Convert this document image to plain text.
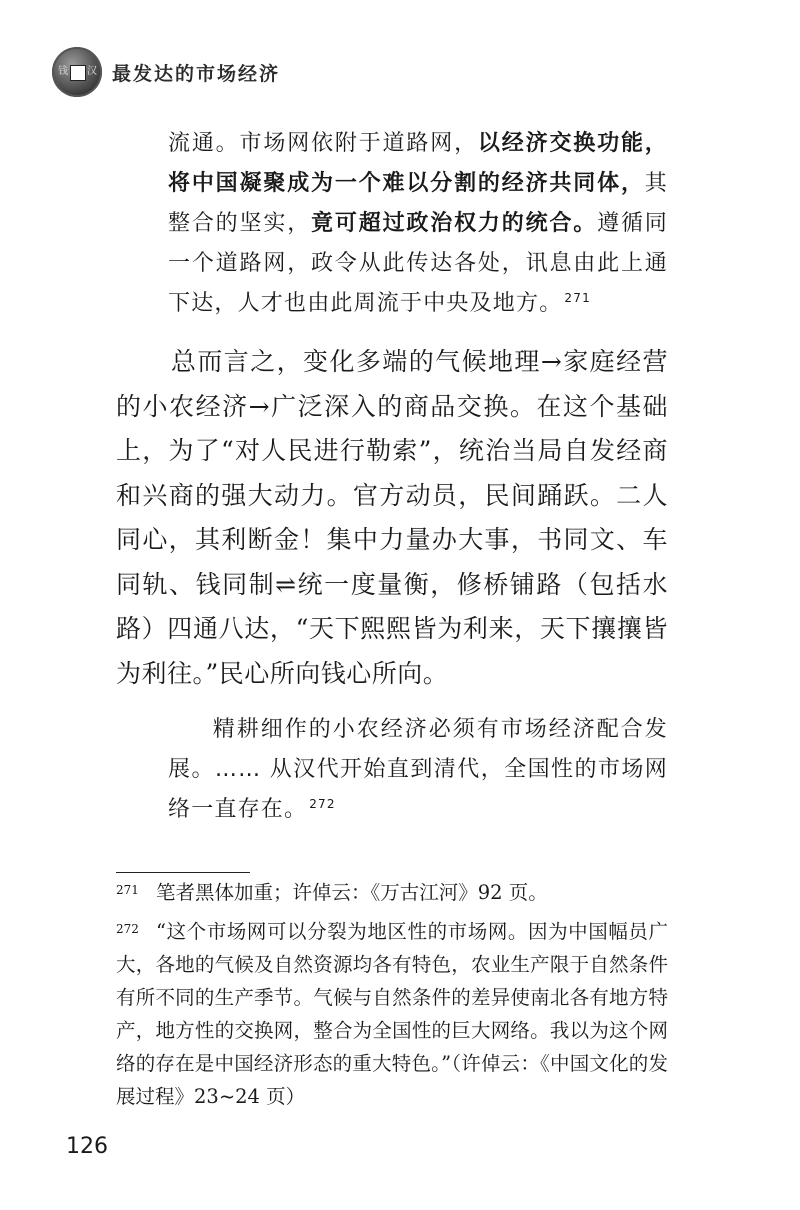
钱 汉 最发达的市场经济

流通。市场网依附于道路网，以经济交换功能，将中国凝聚成为一个难以分割的经济共同体，其整合的坚实，竟可超过政治权力的统合。遵循同一个道路网，政令从此传达各处，讯息由此上通下达，人才也由此周流于中央及地方。 $^{271}$

总而言之，变化多端的气候地理→家庭经营的小农经济→广泛深入的商品交换。在这个基础上，为了“对人民进行勒索”，统治当局自发经商和兴商的强大动力。官方动员，民间踊跃。二人同心，其利断金！集中力量办大事，书同文、车同轨、钱同制⇌统一度量衡，修桥铺路（包括水路）四通八达，“天下熙熙皆为利来，天下攘攘皆为利往。”民心所向钱心所向。

精耕细作的小农经济必须有市场经济配合发展。…… 从汉代开始直到清代，全国性的市场网络一直存在。 $^{272}$

271 笔者黑体加重；许倬云：《万古江河》92 页。

272 “这个市场网可以分裂为地区性的市场网。因为中国幅员广大，各地的气候及自然资源均各有特色，农业生产限于自然条件有所不同的生产季节。气候与自然条件的差异使南北各有地方特产，地方性的交换网，整合为全国性的巨大网络。我以为这个网络的存在是中国经济形态的重大特色。”（许倬云：《中国文化的发展过程》23~24 页）

126
